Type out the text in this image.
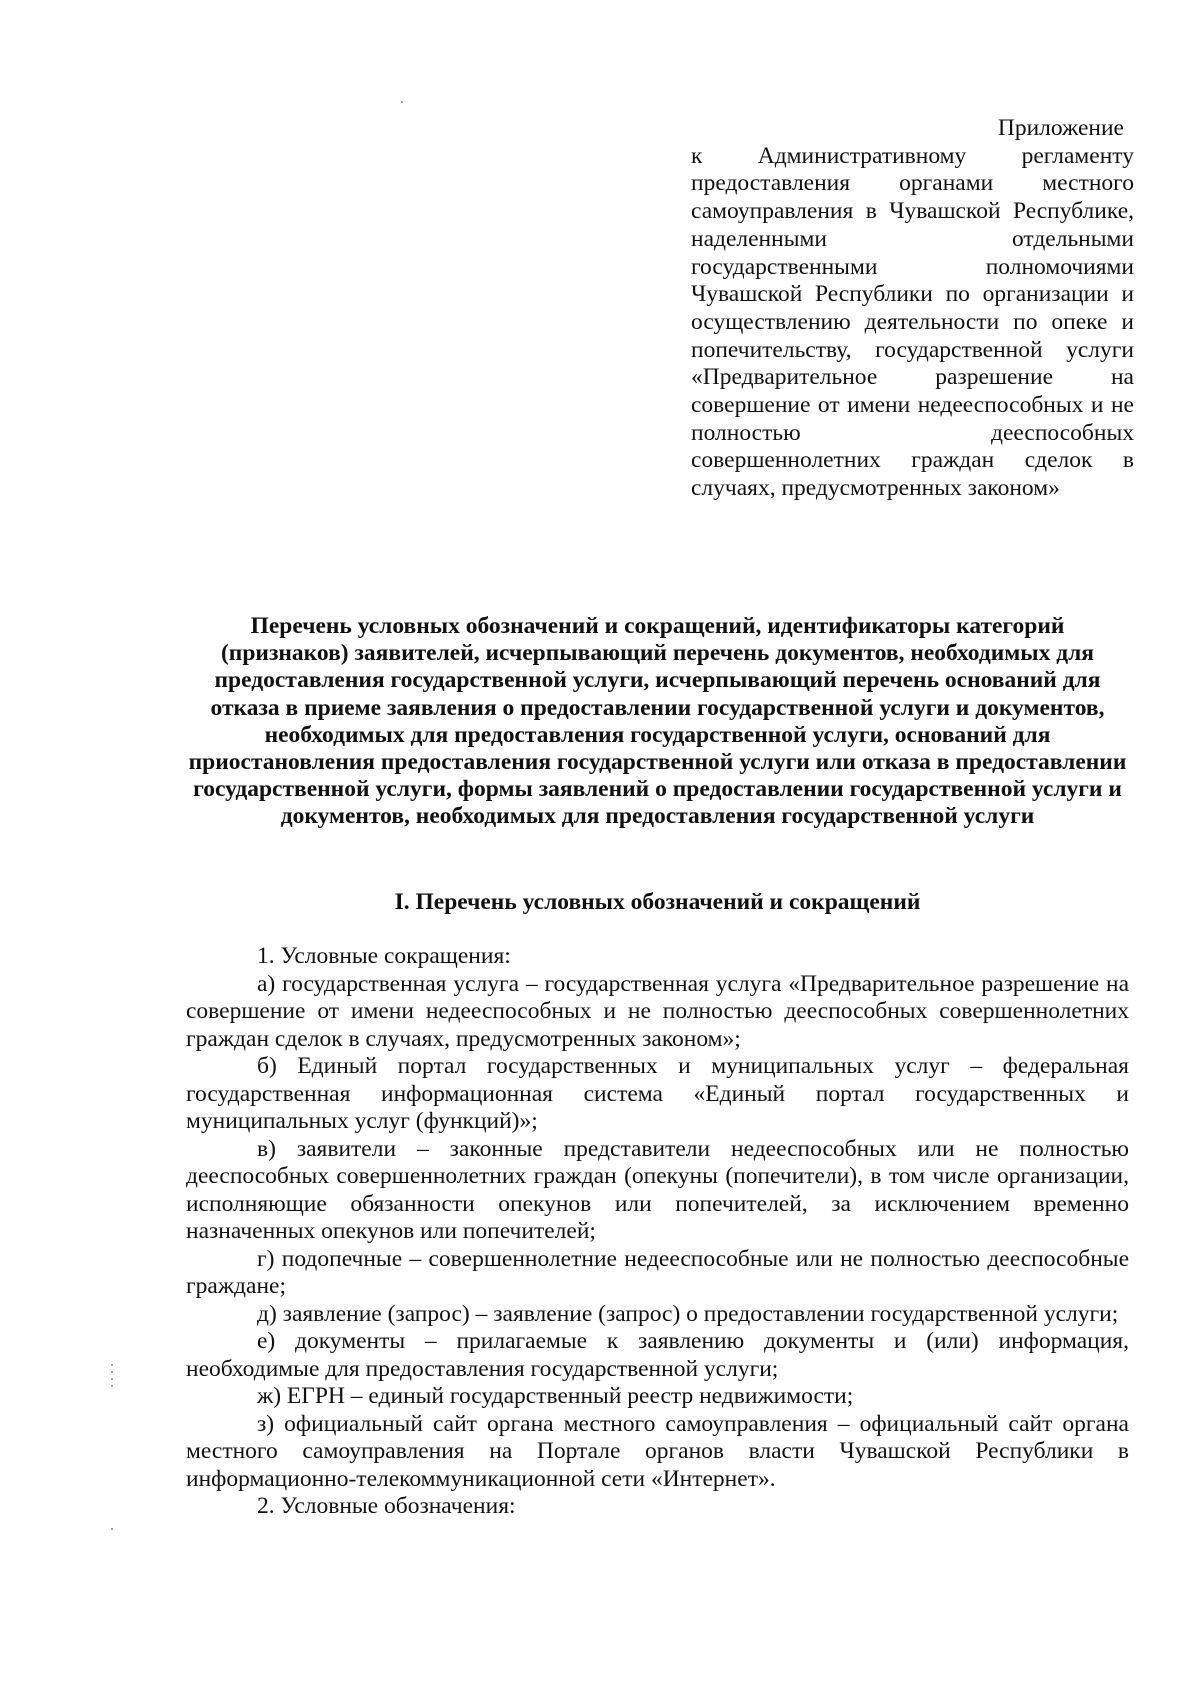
Приложение
к Административному регламенту предоставления органами местного самоуправления в Чувашской Республике, наделенными отдельными государственными полномочиями Чувашской Республики по организации и осуществлению деятельности по опеке и попечительству, государственной услуги «Предварительное разрешение на совершение от имени недееспособных и не полностью дееспособных совершеннолетних граждан сделок в случаях, предусмотренных законом»
Перечень условных обозначений и сокращений, идентификаторы категорий (признаков) заявителей, исчерпывающий перечень документов, необходимых для предоставления государственной услуги, исчерпывающий перечень оснований для отказа в приеме заявления о предоставлении государственной услуги и документов, необходимых для предоставления государственной услуги, оснований для приостановления предоставления государственной услуги или отказа в предоставлении государственной услуги, формы заявлений о предоставлении государственной услуги и документов, необходимых для предоставления государственной услуги
I. Перечень условных обозначений и сокращений

1. Условные сокращения:

а) государственная услуга – государственная услуга «Предварительное разрешение на совершение от имени недееспособных и не полностью дееспособных совершеннолетних граждан сделок в случаях, предусмотренных законом»;

б) Единый портал государственных и муниципальных услуг – федеральная государственная информационная система «Единый портал государственных и муниципальных услуг (функций)»;

в) заявители – законные представители недееспособных или не полностью дееспособных совершеннолетних граждан (опекуны (попечители), в том числе организации, исполняющие обязанности опекунов или попечителей, за исключением временно назначенных опекунов или попечителей;

г) подопечные – совершеннолетние недееспособные или не полностью дееспособные граждане;

д) заявление (запрос) – заявление (запрос) о предоставлении государственной услуги;

е) документы – прилагаемые к заявлению документы и (или) информация, необходимые для предоставления государственной услуги;

ж) ЕГРН – единый государственный реестр недвижимости;

з) официальный сайт органа местного самоуправления – официальный сайт органа местного самоуправления на Портале органов власти Чувашской Республики в информационно-телекоммуникационной сети «Интернет».

2. Условные обозначения:
